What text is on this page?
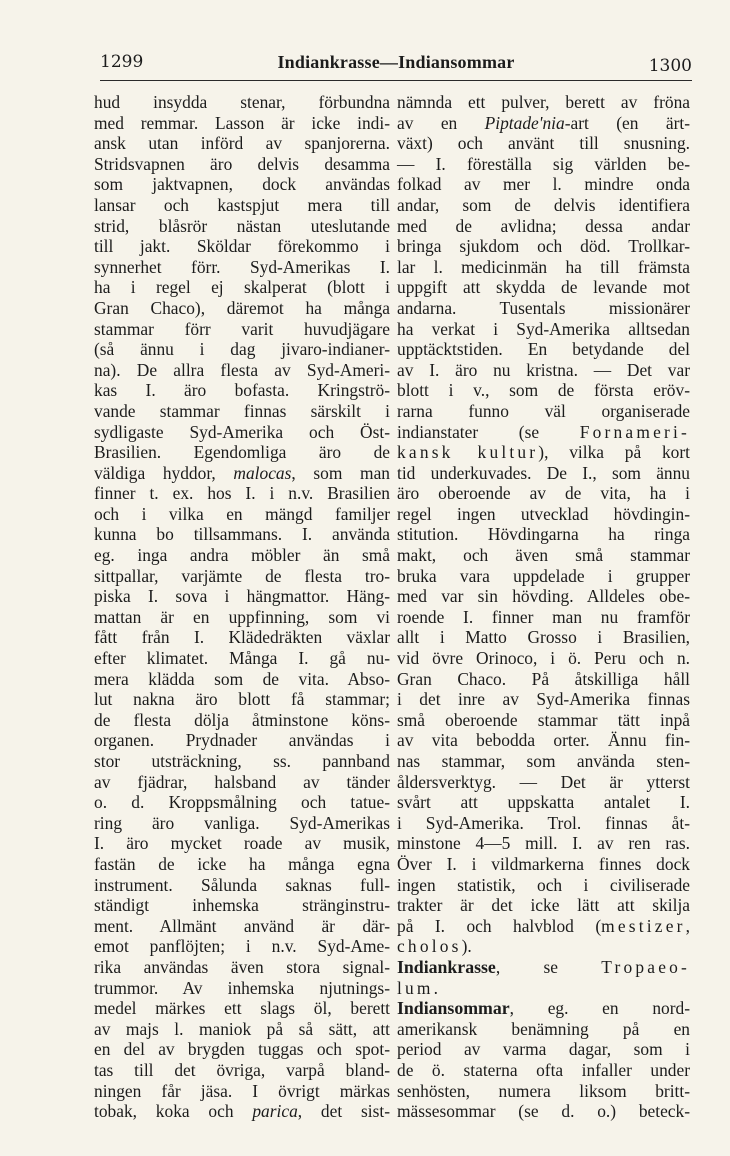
1299	Indiankrasse—Indiansommar	1300
hud insydda stenar, förbundna
med remmar. Lasson är icke indi-
ansk utan införd av spanjorerna.
Stridsvapnen äro delvis desamma
som jaktvapnen, dock användas
lansar och kastspjut mera till
strid, blåsrör nästan uteslutande
till jakt. Sköldar förekommo i
synnerhet förr. Syd-Amerikas I.
ha i regel ej skalperat (blott i
Gran Chaco), däremot ha många
stammar förr varit huvudjägare
(så ännu i dag jivaro-indianer-
na). De allra flesta av Syd-Ameri-
kas I. äro bofasta. Kringströ-
vande stammar finnas särskilt i
sydligaste Syd-Amerika och Öst-
Brasilien. Egendomliga äro de
väldiga hyddor, malocas, som man
finner t. ex. hos I. i n.v. Brasilien
och i vilka en mängd familjer
kunna bo tillsammans. I. använda
eg. inga andra möbler än små
sittpallar, varjämte de flesta tro-
piska I. sova i hängmattor. Häng-
mattan är en uppfinning, som vi
fått från I. Klädedräkten växlar
efter klimatet. Många I. gå nu-
mera klädda som de vita. Abso-
lut nakna äro blott få stammar;
de flesta dölja åtminstone köns-
organen. Prydnader användas i
stor utsträckning, ss. pannband
av fjädrar, halsband av tänder
o. d. Kroppsmålning och tatue-
ring äro vanliga. Syd-Amerikas
I. äro mycket roade av musik,
fastän de icke ha många egna
instrument. Sålunda saknas full-
ständigt inhemska stränginstru-
ment. Allmänt använd är där-
emot panflöjten; i n.v. Syd-Ame-
rika användas även stora signal-
trummor. Av inhemska njutnings-
medel märkes ett slags öl, berett
av majs l. maniok på så sätt, att
en del av brygden tuggas och spot-
tas till det övriga, varpå bland-
ningen får jäsa. I övrigt märkas
tobak, koka och parica, det sist-
nämnda ett pulver, berett av fröna
av en Piptade'nia-art (en ärt-
växt) och använt till snusning.
— I. föreställa sig världen be-
folkad av mer l. mindre onda
andar, som de delvis identifiera
med de avlidna; dessa andar
bringa sjukdom och död. Trollkar-
lar l. medicinmän ha till främsta
uppgift att skydda de levande mot
andarna. Tusentals missionärer
ha verkat i Syd-Amerika alltsedan
upptäcktstiden. En betydande del
av I. äro nu kristna. — Det var
blott i v., som de första eröv-
rarna funno väl organiserade
indianstater (se Fornameri-
kansk kultur), vilka på kort
tid underkuvades. De I., som ännu
äro oberoende av de vita, ha i
regel ingen utvecklad hövdingin-
stitution. Hövdingarna ha ringa
makt, och även små stammar
bruka vara uppdelade i grupper
med var sin hövding. Alldeles obe-
roende I. finner man nu framför
allt i Matto Grosso i Brasilien,
vid övre Orinoco, i ö. Peru och n.
Gran Chaco. På åtskilliga håll
i det inre av Syd-Amerika finnas
små oberoende stammar tätt inpå
av vita bebodda orter. Ännu fin-
nas stammar, som använda sten-
åldersverktyg. — Det är ytterst
svårt att uppskatta antalet I.
i Syd-Amerika. Trol. finnas åt-
minstone 4—5 mill. I. av ren ras.
Över I. i vildmarkerna finnes dock
ingen statistik, och i civiliserade
trakter är det icke lätt att skilja
på I. och halvblod (mestizer,
cholos).
Indiankrasse, se Tropaeo-
lum.
Indiansommar, eg. en nord-
amerikansk benämning på en
period av varma dagar, som i
de ö. staterna ofta infaller under
senhösten, numera liksom britt-
mässesommar (se d. o.) beteck-
